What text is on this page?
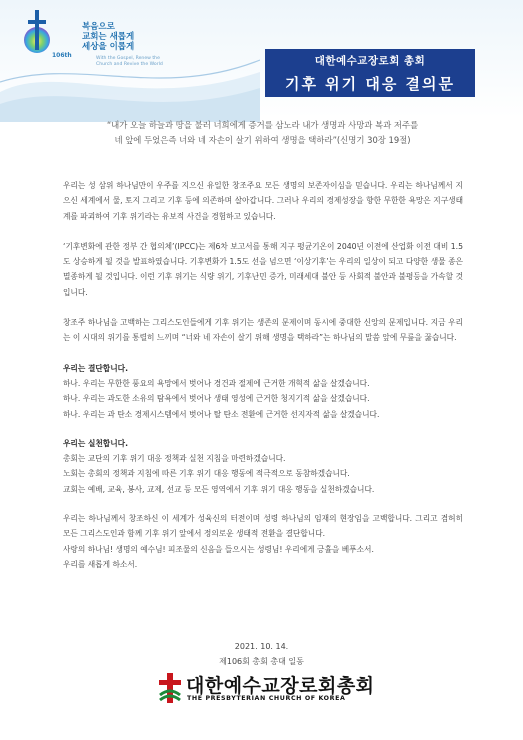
106th
복음으로
교회는 새롭게
세상을 이롭게
With the Gospel, Renew the Church and Revive the World	대한예수교장로회 총회
기후 위기 대응 결의문
“내가 오늘 하늘과 땅을 불러 너희에게 증거를 삼노라 내가 생명과 사망과 복과 저주를
네 앞에 두었은즉 너와 네 자손이 살기 위하여 생명을 택하라”(신명기 30장 19절)

우리는 성 삼위 하나님만이 우주를 지으신 유일한 창조주요 모든 생명의 보존자이심을 믿습니다. 우리는 하나님께서 지으신 세계에서 물, 토지 그리고 기후 등에 의존하며 살아갑니다. 그러나 우리의 경제성장을 향한 무한한 욕망은 지구생태계를 파괴하여 기후 위기라는 유보적 사건을 경험하고 있습니다.

‘기후변화에 관한 정부 간 협의체’(IPCC)는 제6차 보고서를 통해 지구 평균기온이 2040년 이전에 산업화 이전 대비 1.5도 상승하게 될 것을 발표하였습니다. 기후변화가 1.5도 선을 넘으면 ‘이상기후’는 우리의 일상이 되고 다양한 생물 종은 멸종하게 될 것입니다. 이런 기후 위기는 식량 위기, 기후난민 증가, 미래세대 불안 등 사회적 불안과 불평등을 가속할 것입니다.

창조주 하나님을 고백하는 그리스도인들에게 기후 위기는 생존의 문제이며 동시에 중대한 신앙의 문제입니다. 지금 우리는 이 시대의 위기를 통렬히 느끼며 “너와 네 자손이 살기 위해 생명을 택하라”는 하나님의 말씀 앞에 무릎을 꿇습니다.

우리는 결단합니다.
하나. 우리는 무한한 풍요의 욕망에서 벗어나 경건과 절제에 근거한 개혁적 삶을 살겠습니다.
하나. 우리는 과도한 소유의 탐욕에서 벗어나 생태 영성에 근거한 청지기적 삶을 살겠습니다.
하나. 우리는 과 탄소 경제시스템에서 벗어나 탈 탄소 전환에 근거한 선지자적 삶을 살겠습니다.
우리는 실천합니다.
총회는 교단의 기후 위기 대응 정책과 실천 지침을 마련하겠습니다.
노회는 총회의 정책과 지침에 따른 기후 위기 대응 행동에 적극적으로 동참하겠습니다.
교회는 예배, 교육, 봉사, 교제, 선교 등 모든 영역에서 기후 위기 대응 행동을 실천하겠습니다.
우리는 하나님께서 창조하신 이 세계가 성육신의 터전이며 성령 하나님의 임재의 현장임을 고백합니다. 그리고 겸허히 모든 그리스도인과 함께 기후 위기 앞에서 정의로운 생태적 전환을 결단합니다.
사랑의 하나님! 생명의 예수님! 피조물의 신음을 들으시는 성령님! 우리에게 긍휼을 베푸소서.
우리를 새롭게 하소서.
2021. 10. 14.
제106회 총회 총대 일동
대한예수교장로회총회
THE PRESBYTERIAN CHURCH OF KOREA
